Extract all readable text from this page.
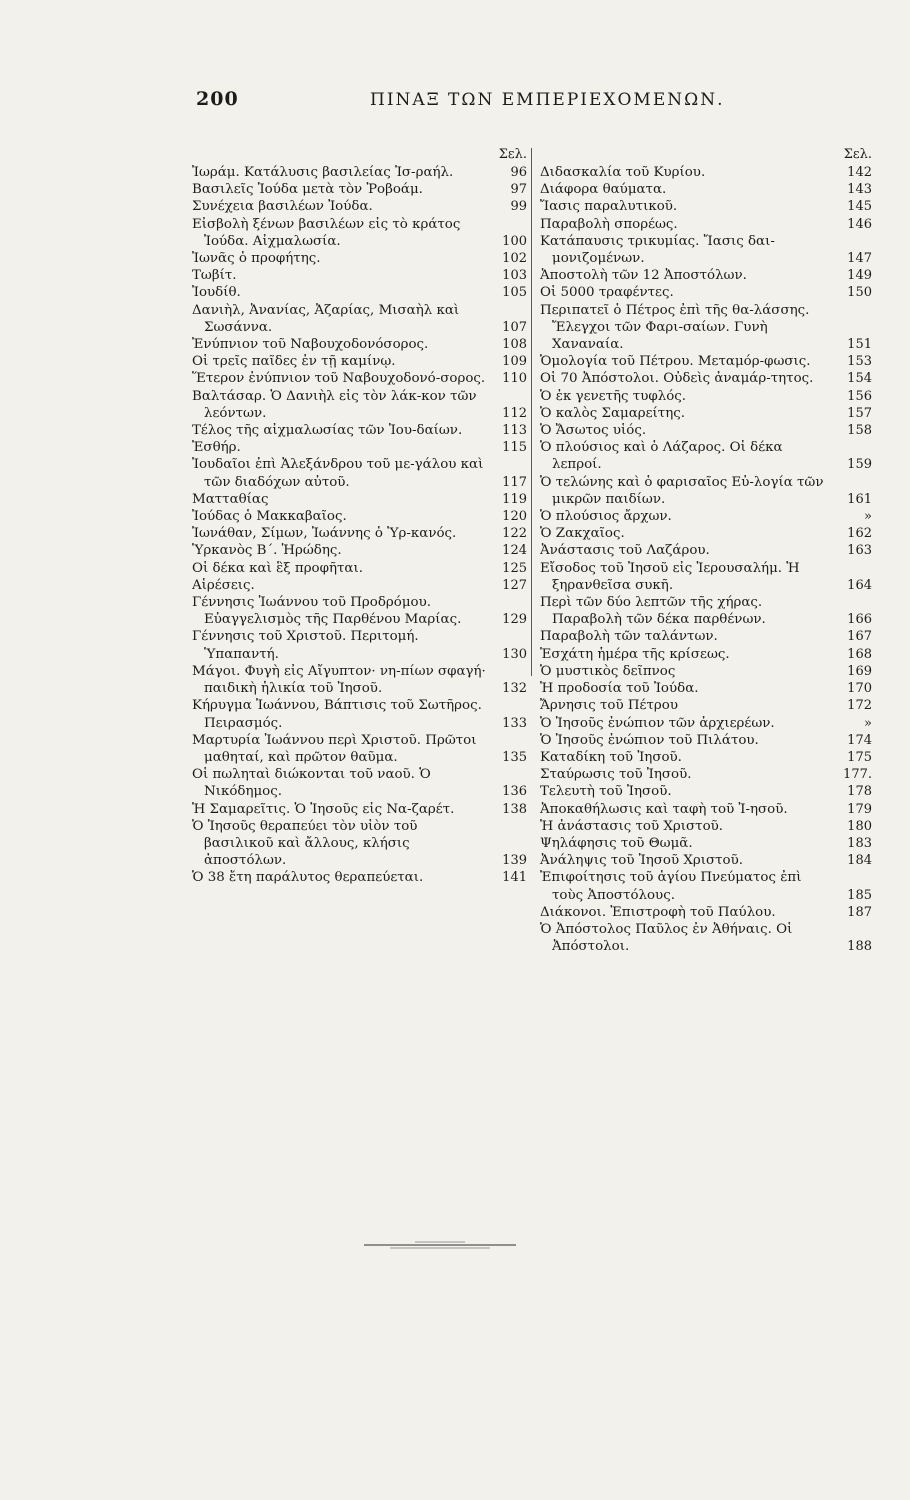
200	ΠΙΝΑΞ ΤΩΝ ΕΜΠΕΡΙΕΧΟΜΕΝΩΝ.
Σελ.
Ἰωράμ. Κατάλυσις βασιλείας Ἰσ-ραήλ.	96
Βασιλεῖς Ἰούδα μετὰ τὸν Ῥοβοάμ.	97
Συνέχεια βασιλέων Ἰούδα.	99
Εἰσβολὴ ξένων βασιλέων εἰς τὸ κράτος Ἰούδα. Αἰχμαλωσία.	100
Ἰωνᾶς ὁ προφήτης.	102
Τωβίτ.	103
Ἰουδίθ.	105
Δανιὴλ, Ἀνανίας, Ἀζαρίας, Μισαὴλ καὶ Σωσάννα.	107
Ἐνύπνιον τοῦ Ναβουχοδονόσορος.	108
Οἱ τρεῖς παῖδες ἐν τῇ καμίνῳ.	109
Ἕτερον ἐνύπνιον τοῦ Ναβουχοδονό-σορος.	110
Βαλτάσαρ. Ὁ Δανιὴλ εἰς τὸν λάκ-κον τῶν λεόντων.	112
Τέλος τῆς αἰχμαλωσίας τῶν Ἰου-δαίων.	113
Ἐσθήρ.	115
Ἰουδαῖοι ἐπὶ Ἀλεξάνδρου τοῦ με-γάλου καὶ τῶν διαδόχων αὐτοῦ.	117
Ματταθίας	119
Ἰούδας ὁ Μακκαβαῖος.	120
Ἰωνάθαν, Σίμων, Ἰωάννης ὁ Ὑρ-κανός.	122
Ὑρκανὸς Β΄. Ἡρώδης.	124
Οἱ δέκα καὶ ἓξ προφῆται.	125
Αἱρέσεις.	127
Γέννησις Ἰωάννου τοῦ Προδρόμου. Εὐαγγελισμὸς τῆς Παρθένου Μαρίας.	129
Γέννησις τοῦ Χριστοῦ. Περιτομή. Ὑπαπαντή.	130
Μάγοι. Φυγὴ εἰς Αἴγυπτον· νη-πίων σφαγή· παιδικὴ ἡλικία τοῦ Ἰησοῦ.	132
Κήρυγμα Ἰωάννου, Βάπτισις τοῦ Σωτῆρος. Πειρασμός.	133
Μαρτυρία Ἰωάννου περὶ Χριστοῦ. Πρῶτοι μαθηταί, καὶ πρῶτον θαῦμα.	135
Οἱ πωληταὶ διώκονται τοῦ ναοῦ. Ὁ Νικόδημος.	136
Ἡ Σαμαρεῖτις. Ὁ Ἰησοῦς εἰς Να-ζαρέτ.	138
Ὁ Ἰησοῦς θεραπεύει τὸν υἱὸν τοῦ βασιλικοῦ καὶ ἄλλους, κλήσις ἀποστόλων.	139
Ὁ 38 ἔτη παράλυτος θεραπεύεται.	141
Σελ.
Διδασκαλία τοῦ Κυρίου.	142
Διάφορα θαύματα.	143
Ἴασις παραλυτικοῦ.	145
Παραβολὴ σπορέως.	146
Κατάπαυσις τρικυμίας. Ἴασις δαι-μονιζομένων.	147
Ἀποστολὴ τῶν 12 Ἀποστόλων.	149
Οἱ 5000 τραφέντες.	150
Περιπατεῖ ὁ Πέτρος ἐπὶ τῆς θα-λάσσης. Ἔλεγχοι τῶν Φαρι-σαίων. Γυνὴ Χαναναία.	151
Ὁμολογία τοῦ Πέτρου. Μεταμόρ-φωσις.	153
Οἱ 70 Ἀπόστολοι. Οὐδεὶς ἀναμάρ-τητος.	154
Ὁ ἐκ γενετῆς τυφλός.	156
Ὁ καλὸς Σαμαρείτης.	157
Ὁ Ἄσωτος υἱός.	158
Ὁ πλούσιος καὶ ὁ Λάζαρος. Οἱ δέκα λεπροί.	159
Ὁ τελώνης καὶ ὁ φαρισαῖος Εὐ-λογία τῶν μικρῶν παιδίων.	161
Ὁ πλούσιος ἄρχων.	»
Ὁ Ζακχαῖος.	162
Ἀνάστασις τοῦ Λαζάρου.	163
Εἴσοδος τοῦ Ἰησοῦ εἰς Ἱερουσαλήμ. Ἡ ξηρανθεῖσα συκῆ.	164
Περὶ τῶν δύο λεπτῶν τῆς χήρας. Παραβολὴ τῶν δέκα παρθένων.	166
Παραβολὴ τῶν ταλάντων.	167
Ἐσχάτη ἡμέρα τῆς κρίσεως.	168
Ὁ μυστικὸς δεῖπνος	169
Ἡ προδοσία τοῦ Ἰούδα.	170
Ἄρνησις τοῦ Πέτρου	172
Ὁ Ἰησοῦς ἐνώπιον τῶν ἀρχιερέων.	»
Ὁ Ἰησοῦς ἐνώπιον τοῦ Πιλάτου.	174
Καταδίκη τοῦ Ἰησοῦ.	175
Σταύρωσις τοῦ Ἰησοῦ.	177.
Τελευτὴ τοῦ Ἰησοῦ.	178
Ἀποκαθήλωσις καὶ ταφὴ τοῦ Ἰ-ησοῦ.	179
Ἡ ἀνάστασις τοῦ Χριστοῦ.	180
Ψηλάφησις τοῦ Θωμᾶ.	183
Ἀνάληψις τοῦ Ἰησοῦ Χριστοῦ.	184
Ἐπιφοίτησις τοῦ ἁγίου Πνεύματος ἐπὶ τοὺς Ἀποστόλους.	185
Διάκονοι. Ἐπιστροφὴ τοῦ Παύλου.	187
Ὁ Ἀπόστολος Παῦλος ἐν Ἀθήναις. Οἱ Ἀπόστολοι.	188
